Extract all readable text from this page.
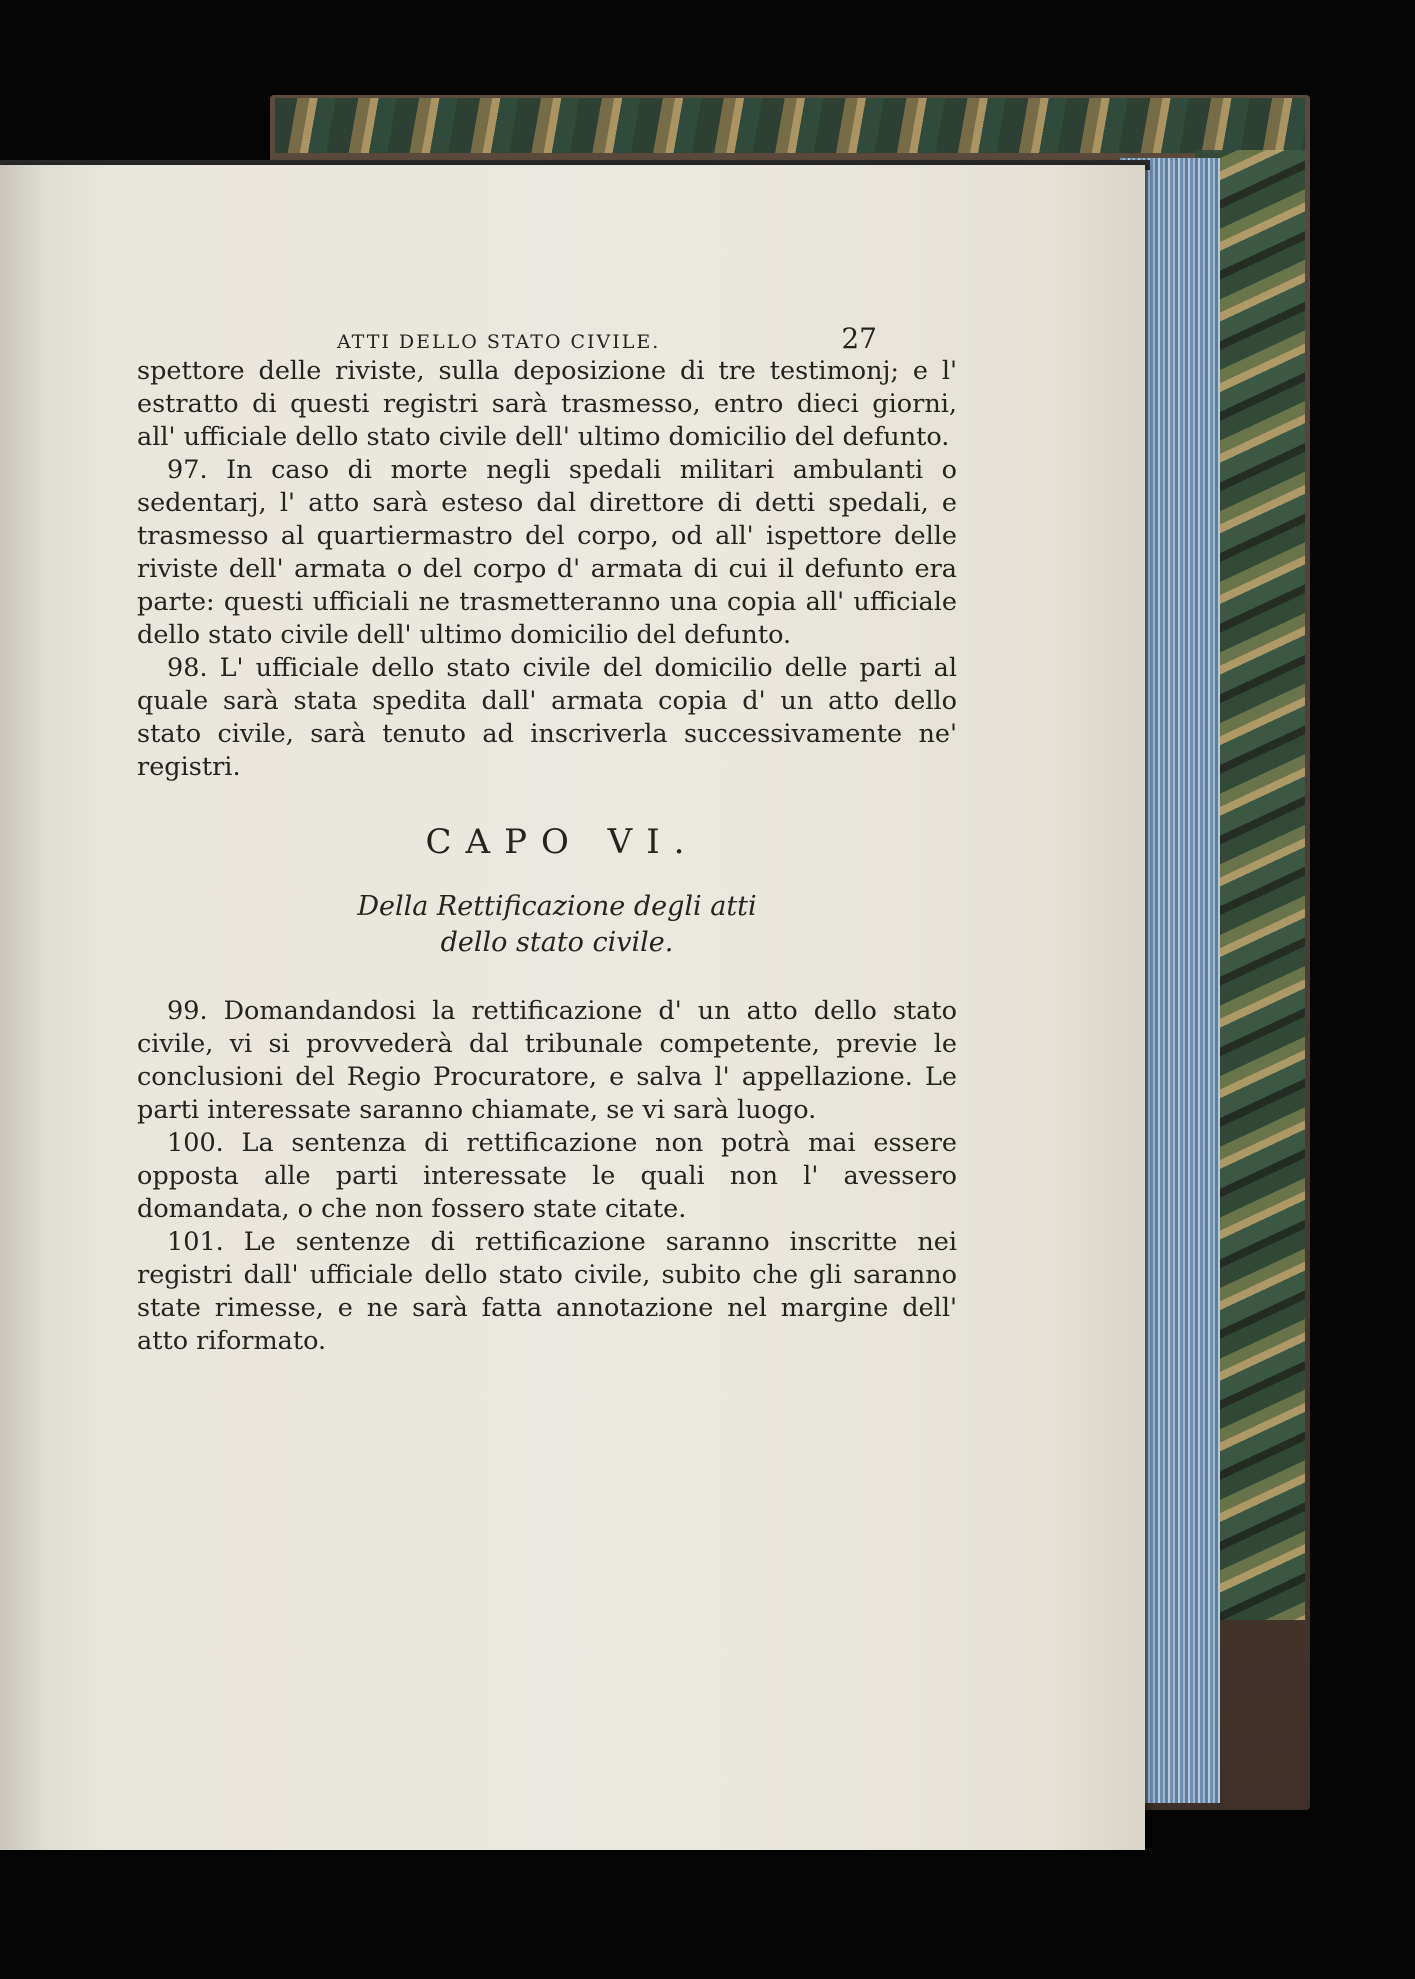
ATTI DELLO STATO CIVILE.	27

spettore delle riviste, sulla deposizione di tre testimonj; e l' estratto di questi registri sarà trasmesso, entro dieci giorni, all' ufficiale dello stato civile dell' ultimo domicilio del defunto.

97. In caso di morte negli spedali militari ambulanti o sedentarj, l' atto sarà esteso dal direttore di detti spedali, e trasmesso al quartiermastro del corpo, od all' ispettore delle riviste dell' armata o del corpo d' armata di cui il defunto era parte: questi ufficiali ne trasmetteranno una copia all' ufficiale dello stato civile dell' ultimo domicilio del defunto.

98. L' ufficiale dello stato civile del domicilio delle parti al quale sarà stata spedita dall' armata copia d' un atto dello stato civile, sarà tenuto ad inscriverla successivamente ne' registri.

CAPO VI.
Della Rettificazione degli atti
dello stato civile.

99. Domandandosi la rettificazione d' un atto dello stato civile, vi si provvederà dal tribunale competente, previe le conclusioni del Regio Procuratore, e salva l' appellazione. Le parti interessate saranno chiamate, se vi sarà luogo.

100. La sentenza di rettificazione non potrà mai essere opposta alle parti interessate le quali non l' avessero domandata, o che non fossero state citate.

101. Le sentenze di rettificazione saranno inscritte nei registri dall' ufficiale dello stato civile, subito che gli saranno state rimesse, e ne sarà fatta annotazione nel margine dell' atto riformato.
